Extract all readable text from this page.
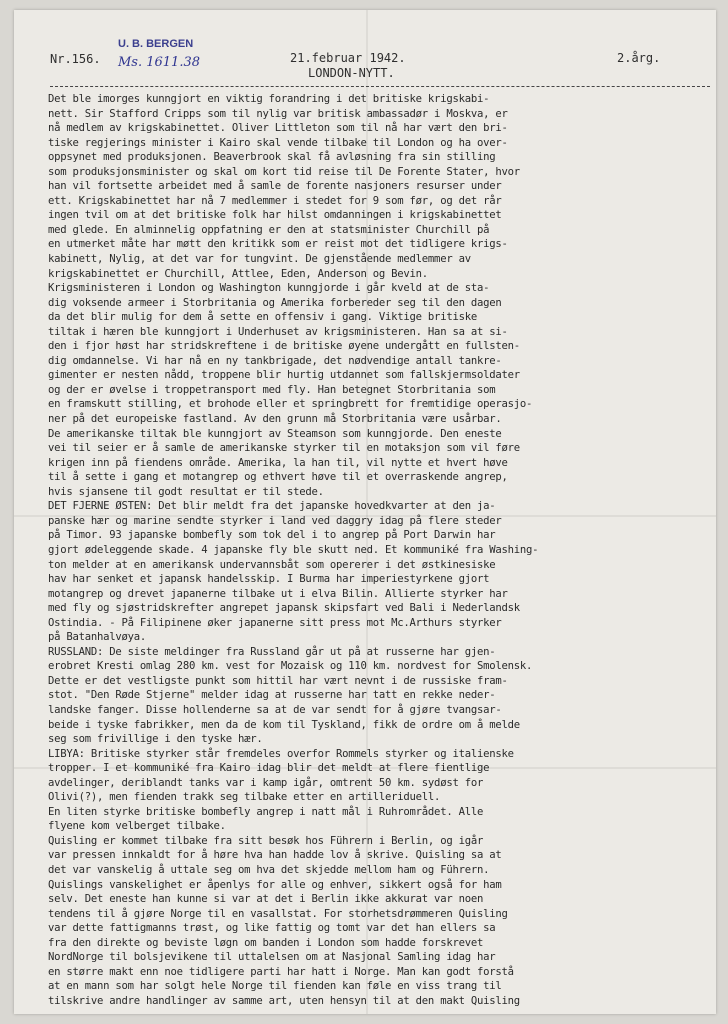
Nr.156.
U. B. BERGEN
Ms. 1611.38	21.februar 1942.
LONDON-NYTT.
2.årg.
Det ble imorges kunngjort en viktig forandring i det britiske krigskabi-
nett. Sir Stafford Cripps som til nylig var britisk ambassadør i Moskva, er
nå medlem av krigskabinettet. Oliver Littleton som til nå har vært den bri-
tiske regjerings minister i Kairo skal vende tilbake til London og ha over-
oppsynet med produksjonen. Beaverbrook skal få avløsning fra sin stilling
som produksjonsminister og skal om kort tid reise til De Forente Stater, hvor
han vil fortsette arbeidet med å samle de forente nasjoners resurser under
ett. Krigskabinettet har nå 7 medlemmer i stedet for 9 som før, og det rår
ingen tvil om at det britiske folk har hilst omdanningen i krigskabinettet
med glede. En alminnelig oppfatning er den at statsminister Churchill på
en utmerket måte har møtt den kritikk som er reist mot det tidligere krigs-
kabinett, Nylig, at det var for tungvint. De gjenstående medlemmer av
krigskabinettet er Churchill, Attlee, Eden, Anderson og Bevin.
Krigsministeren i London og Washington kunngjorde i går kveld at de sta-
dig voksende armeer i Storbritania og Amerika forbereder seg til den dagen
da det blir mulig for dem å sette en offensiv i gang. Viktige britiske
tiltak i hæren ble kunngjort i Underhuset av krigsministeren. Han sa at si-
den i fjor høst har stridskreftene i de britiske øyene undergått en fullsten-
dig omdannelse. Vi har nå en ny tankbrigade, det nødvendige antall tankre-
gimenter er nesten nådd, troppene blir hurtig utdannet som fallskjermsoldater
og der er øvelse i troppetransport med fly. Han betegnet Storbritania som
en framskutt stilling, et brohode eller et springbrett for fremtidige operasjo-
ner på det europeiske fastland. Av den grunn må Storbritania være usårbar.
De amerikanske tiltak ble kunngjort av Steamson som kunngjorde. Den eneste
vei til seier er å samle de amerikanske styrker til en motaksjon som vil føre
krigen inn på fiendens område. Amerika, la han til, vil nytte et hvert høve
til å sette i gang et motangrep og ethvert høve til et overraskende angrep,
hvis sjansene til godt resultat er til stede.
DET FJERNE ØSTEN: Det blir meldt fra det japanske hovedkvarter at den ja-
panske hær og marine sendte styrker i land ved daggry idag på flere steder
på Timor. 93 japanske bombefly som tok del i to angrep på Port Darwin har
gjort ødeleggende skade. 4 japanske fly ble skutt ned. Et kommuniké fra Washing-
ton melder at en amerikansk undervannsbåt som opererer i det østkinesiske
hav har senket et japansk handelsskip. I Burma har imperiestyrkene gjort
motangrep og drevet japanerne tilbake ut i elva Bilin. Allierte styrker har
med fly og sjøstridskrefter angrepet japansk skipsfart ved Bali i Nederlandsk
Ostindia. - På Filipinene øker japanerne sitt press mot Mc.Arthurs styrker
på Batanhalvøya.
RUSSLAND: De siste meldinger fra Russland går ut på at russerne har gjen-
erobret Kresti omlag 280 km. vest for Mozaisk og 110 km. nordvest for Smolensk.
Dette er det vestligste punkt som hittil har vært nevnt i de russiske fram-
stot. "Den Røde Stjerne" melder idag at russerne har tatt en rekke neder-
landske fanger. Disse hollenderne sa at de var sendt for å gjøre tvangsar-
beide i tyske fabrikker, men da de kom til Tyskland, fikk de ordre om å melde
seg som frivillige i den tyske hær.
LIBYA: Britiske styrker står fremdeles overfor Rommels styrker og italienske
tropper. I et kommuniké fra Kairo idag blir det meldt at flere fientlige
avdelinger, deriblandt tanks var i kamp igår, omtrent 50 km. sydøst for
Olivi(?), men fienden trakk seg tilbake etter en artilleriduell.
En liten styrke britiske bombefly angrep i natt mål i Ruhrområdet. Alle
flyene kom velberget tilbake.
Quisling er kommet tilbake fra sitt besøk hos Führern i Berlin, og igår
var pressen innkaldt for å høre hva han hadde lov å skrive. Quisling sa at
det var vanskelig å uttale seg om hva det skjedde mellom ham og Führern.
Quislings vanskelighet er åpenlys for alle og enhver, sikkert også for ham
selv. Det eneste han kunne si var at det i Berlin ikke akkurat var noen
tendens til å gjøre Norge til en vasallstat. For storhetsdrømmeren Quisling
var dette fattigmanns trøst, og like fattig og tomt var det han ellers sa
fra den direkte og beviste løgn om banden i London som hadde forskrevet
NordNorge til bolsjevikene til uttalelsen om at Nasjonal Samling idag har
en større makt enn noe tidligere parti har hatt i Norge. Man kan godt forstå
at en mann som har solgt hele Norge til fienden kan føle en viss trang til
tilskrive andre handlinger av samme art, uten hensyn til at den makt Quisling
